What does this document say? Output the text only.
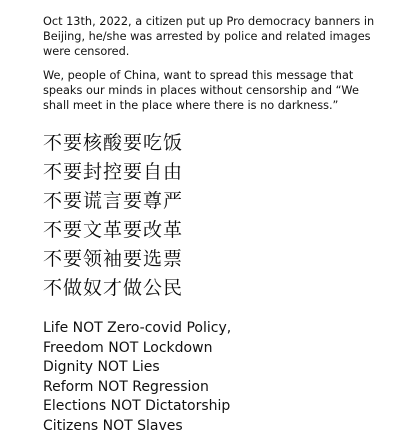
Oct 13th, 2022, a citizen put up Pro democracy banners in Beijing, he/she was arrested by police and related images were censored.

We, people of China, want to spread this message that speaks our minds in places without censorship and “We shall meet in the place where there is no darkness.”

不要核酸要吃饭
不要封控要自由
不要谎言要尊严
不要文革要改革
不要领袖要选票
不做奴才做公民
Life NOT Zero-covid Policy,
Freedom NOT Lockdown
Dignity NOT Lies
Reform NOT Regression
Elections NOT Dictatorship
Citizens NOT Slaves
